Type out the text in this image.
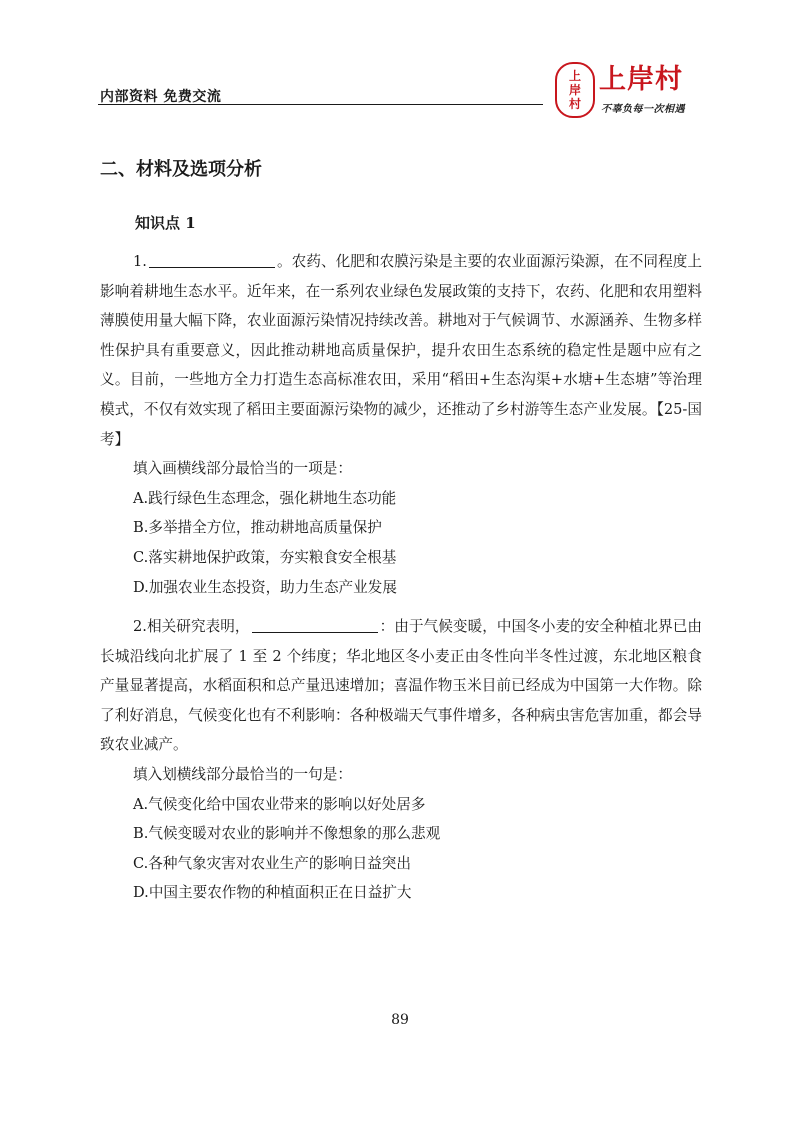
内部资料 免费交流
上
岸
村
上岸村
不辜负每一次相遇
二、材料及选项分析
知识点 1

1.	。农药、化肥和农膜污染是主要的农业面源污染源，在不同程度上影响着耕地生态水平。近年来，在一系列农业绿色发展政策的支持下，农药、化肥和农用塑料薄膜使用量大幅下降，农业面源污染情况持续改善。耕地对于气候调节、水源涵养、生物多样性保护具有重要意义，因此推动耕地高质量保护，提升农田生态系统的稳定性是题中应有之义。目前，一些地方全力打造生态高标准农田，采用“稻田+生态沟渠+水塘+生态塘”等治理模式，不仅有效实现了稻田主要面源污染物的减少，还推动了乡村游等生态产业发展。【25-国考】

填入画横线部分最恰当的一项是：

A.践行绿色生态理念，强化耕地生态功能

B.多举措全方位，推动耕地高质量保护

C.落实耕地保护政策，夯实粮食安全根基

D.加强农业生态投资，助力生态产业发展

2.相关研究表明，	：由于气候变暖，中国冬小麦的安全种植北界已由长城沿线向北扩展了 1 至 2 个纬度；华北地区冬小麦正由冬性向半冬性过渡，东北地区粮食产量显著提高，水稻面积和总产量迅速增加；喜温作物玉米目前已经成为中国第一大作物。除了利好消息，气候变化也有不利影响：各种极端天气事件增多，各种病虫害危害加重，都会导致农业减产。

填入划横线部分最恰当的一句是：

A.气候变化给中国农业带来的影响以好处居多

B.气候变暖对农业的影响并不像想象的那么悲观

C.各种气象灾害对农业生产的影响日益突出

D.中国主要农作物的种植面积正在日益扩大

89
